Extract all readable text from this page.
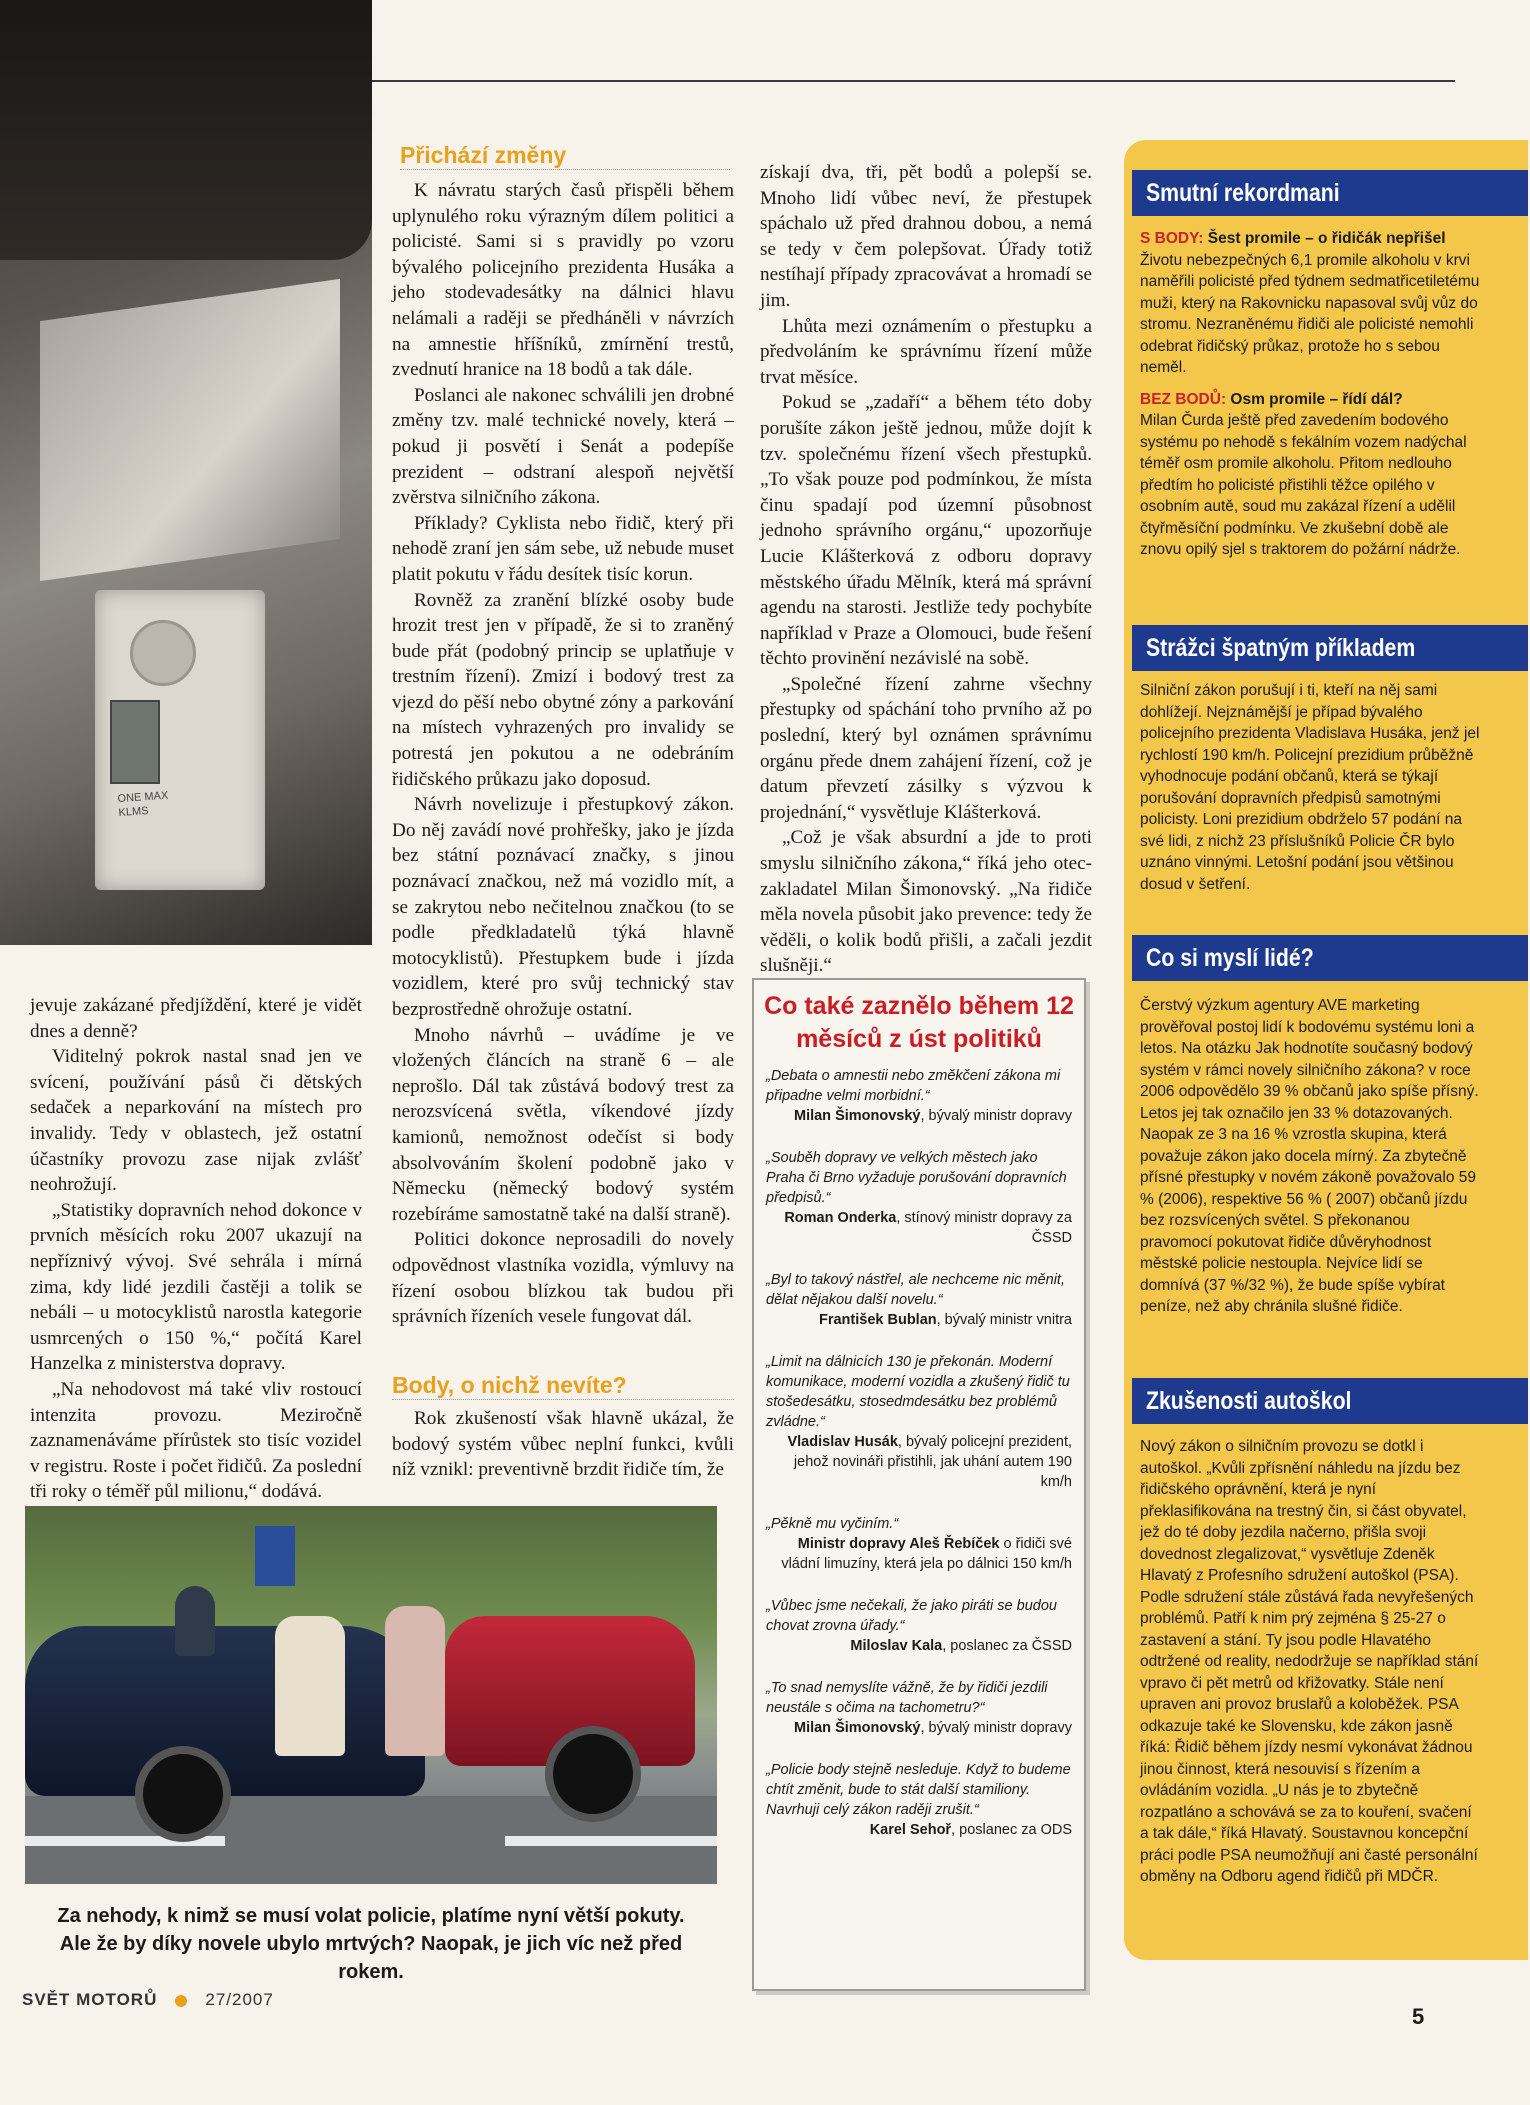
ONE MAX KLMS

jevuje zakázané předjíždění, které je vidět dnes a denně?

Viditelný pokrok nastal snad jen ve svícení, používání pásů či dětských sedaček a neparkování na místech pro invalidy. Tedy v oblastech, jež ostatní účastníky provozu zase nijak zvlášť neohrožují.

„Statistiky dopravních nehod dokonce v prvních měsících roku 2007 ukazují na nepříznivý vývoj. Své sehrála i mírná zima, kdy lidé jezdili častěji a tolik se nebáli – u motocyklistů narostla kategorie usmrcených o 150 %,“ počítá Karel Hanzelka z ministerstva dopravy.

„Na nehodovost má také vliv rostoucí intenzita provozu. Meziročně zaznamenáváme přírůstek sto tisíc vozidel v registru. Roste i počet řidičů. Za poslední tři roky o téměř půl milionu,“ dodává.

Přichází změny

K návratu starých časů přispěli během uplynulého roku výrazným dílem politici a policisté. Sami si s pravidly po vzoru bývalého policejního prezidenta Husáka a jeho stodevadesátky na dálnici hlavu nelámali a raději se předháněli v návrzích na amnestie hříšníků, zmírnění trestů, zvednutí hranice na 18 bodů a tak dále.

Poslanci ale nakonec schválili jen drobné změny tzv. malé technické novely, která – pokud ji posvětí i Senát a podepíše prezident – odstraní alespoň největší zvěrstva silničního zákona.

Příklady? Cyklista nebo řidič, který při nehodě zraní jen sám sebe, už nebude muset platit pokutu v řádu desítek tisíc korun.

Rovněž za zranění blízké osoby bude hrozit trest jen v případě, že si to zraněný bude přát (podobný princip se uplatňuje v trestním řízení). Zmizí i bodový trest za vjezd do pěší nebo obytné zóny a parkování na místech vyhrazených pro invalidy se potrestá jen pokutou a ne odebráním řidičského průkazu jako doposud.

Návrh novelizuje i přestupkový zákon. Do něj zavádí nové prohřešky, jako je jízda bez státní poznávací značky, s jinou poznávací značkou, než má vozidlo mít, a se zakrytou nebo nečitelnou značkou (to se podle předkladatelů týká hlavně motocyklistů). Přestupkem bude i jízda vozidlem, které pro svůj technický stav bezprostředně ohrožuje ostatní.

Mnoho návrhů – uvádíme je ve vložených článcích na straně 6 – ale neprošlo. Dál tak zůstává bodový trest za nerozsvícená světla, víkendové jízdy kamionů, nemožnost odečíst si body absolvováním školení podobně jako v Německu (německý bodový systém rozebíráme samostatně také na další straně).

Politici dokonce neprosadili do novely odpovědnost vlastníka vozidla, výmluvy na řízení osobou blízkou tak budou při správních řízeních vesele fungovat dál.

Body, o nichž nevíte?

Rok zkušeností však hlavně ukázal, že bodový systém vůbec neplní funkci, kvůli níž vznikl: preventivně brzdit řidiče tím, že

získají dva, tři, pět bodů a polepší se. Mnoho lidí vůbec neví, že přestupek spáchalo už před drahnou dobou, a nemá se tedy v čem polepšovat. Úřady totiž nestíhají případy zpracovávat a hromadí se jim.

Lhůta mezi oznámením o přestupku a předvoláním ke správnímu řízení může trvat měsíce.

Pokud se „zadaří“ a během této doby porušíte zákon ještě jednou, může dojít k tzv. společnému řízení všech přestupků. „To však pouze pod podmínkou, že místa činu spadají pod územní působnost jednoho správního orgánu,“ upozorňuje Lucie Klášterková z odboru dopravy městského úřadu Mělník, která má správní agendu na starosti. Jestliže tedy pochybíte například v Praze a Olomouci, bude řešení těchto provinění nezávislé na sobě.

„Společné řízení zahrne všechny přestupky od spáchání toho prvního až po poslední, který byl oznámen správnímu orgánu přede dnem zahájení řízení, což je datum převzetí zásilky s výzvou k projednání,“ vysvětluje Klášterková.

„Což je však absurdní a jde to proti smyslu silničního zákona,“ říká jeho otec-zakladatel Milan Šimonovský. „Na řidiče měla novela působit jako prevence: tedy že věděli, o kolik bodů přišli, a začali jezdit slušněji.“

Co také zaznělo během 12 měsíců z úst politiků
„Debata o amnestii nebo změkčení zákona mi připadne velmi morbidní.“
Milan Šimonovský, bývalý ministr dopravy
„Souběh dopravy ve velkých městech jako Praha či Brno vyžaduje porušování dopravních předpisů.“
Roman Onderka, stínový ministr dopravy za ČSSD
„Byl to takový nástřel, ale nechceme nic měnit, dělat nějakou další novelu.“
František Bublan, bývalý ministr vnitra
„Limit na dálnicích 130 je překonán. Moderní komunikace, moderní vozidla a zkušený řidič tu stošedesátku, stosedmdesátku bez problémů zvládne.“
Vladislav Husák, bývalý policejní prezident, jehož novináři přistihli, jak uhání autem 190 km/h
„Pěkně mu vyčiním.“
Ministr dopravy Aleš Řebíček o řidiči své vládní limuzíny, která jela po dálnici 150 km/h
„Vůbec jsme nečekali, že jako piráti se budou chovat zrovna úřady.“
Miloslav Kala, poslanec za ČSSD
„To snad nemyslíte vážně, že by řidiči jezdili neustále s očima na tachometru?“
Milan Šimonovský, bývalý ministr dopravy
„Policie body stejně nesleduje. Když to budeme chtít změnit, bude to stát další stamiliony. Navrhuji celý zákon raději zrušit.“
Karel Sehoř, poslanec za ODS
Za nehody, k nimž se musí volat policie, platíme nyní větší pokuty.
Ale že by díky novele ubylo mrtvých? Naopak, je jich víc než před rokem.
Smutní rekordmani

S BODY: Šest promile – o řidičák nepřišel
Životu nebezpečných 6,1 promile alkoholu v krvi naměřili policisté před týdnem sedmatřicetiletému muži, který na Rakovnicku napasoval svůj vůz do stromu. Nezraněnému řidiči ale policisté nemohli odebrat řidičský průkaz, protože ho s sebou neměl.

BEZ BODŮ: Osm promile – řídí dál?
Milan Čurda ještě před zavedením bodového systému po nehodě s fekálním vozem nadýchal téměř osm promile alkoholu. Přitom nedlouho předtím ho policisté přistihli těžce opilého v osobním autě, soud mu zakázal řízení a udělil čtyřměsíční podmínku. Ve zkušební době ale znovu opilý sjel s traktorem do požární nádrže.

Strážci špatným příkladem

Silniční zákon porušují i ti, kteří na něj sami dohlížejí. Nejznámější je případ bývalého policejního prezidenta Vladislava Husáka, jenž jel rychlostí 190 km/h. Policejní prezidium průběžně vyhodnocuje podání občanů, která se týkají porušování dopravních předpisů samotnými policisty. Loni prezidium obdrželo 57 podání na své lidi, z nichž 23 příslušníků Policie ČR bylo uznáno vinnými. Letošní podání jsou většinou dosud v šetření.

Co si myslí lidé?

Čerstvý výzkum agentury AVE marketing prověřoval postoj lidí k bodovému systému loni a letos. Na otázku Jak hodnotíte současný bodový systém v rámci novely silničního zákona? v roce 2006 odpovědělo 39 % občanů jako spíše přísný. Letos jej tak označilo jen 33 % dotazovaných. Naopak ze 3 na 16 % vzrostla skupina, která považuje zákon jako docela mírný. Za zbytečně přísné přestupky v novém zákoně považovalo 59 % (2006), respektive 56 % ( 2007) občanů jízdu bez rozsvícených světel. S překonanou pravomocí pokutovat řidiče důvěryhodnost městské policie nestoupla. Nejvíce lidí se domnívá (37 %/32 %), že bude spíše vybírat peníze, než aby chránila slušné řidiče.

Zkušenosti autoškol

Nový zákon o silničním provozu se dotkl i autoškol. „Kvůli zpřísnění náhledu na jízdu bez řidičského oprávnění, která je nyní překlasifikována na trestný čin, si část obyvatel, jež do té doby jezdila načerno, přišla svoji dovednost zlegalizovat,“ vysvětluje Zdeněk Hlavatý z Profesního sdružení autoškol (PSA). Podle sdružení stále zůstává řada nevyřešených problémů. Patří k nim prý zejména § 25-27 o zastavení a stání. Ty jsou podle Hlavatého odtržené od reality, nedodržuje se například stání vpravo či pět metrů od křižovatky. Stále není upraven ani provoz bruslařů a koloběžek. PSA odkazuje také ke Slovensku, kde zákon jasně říká: Řidič během jízdy nesmí vykonávat žádnou jinou činnost, která nesouvisí s řízením a ovládáním vozidla. „U nás je to zbytečně rozpatláno a schovává se za to kouření, svačení a tak dále,“ říká Hlavatý. Soustavnou koncepční práci podle PSA neumožňují ani časté personální obměny na Odboru agend řidičů při MDČR.

SVĚT MOTORŮ	27/2007
5
